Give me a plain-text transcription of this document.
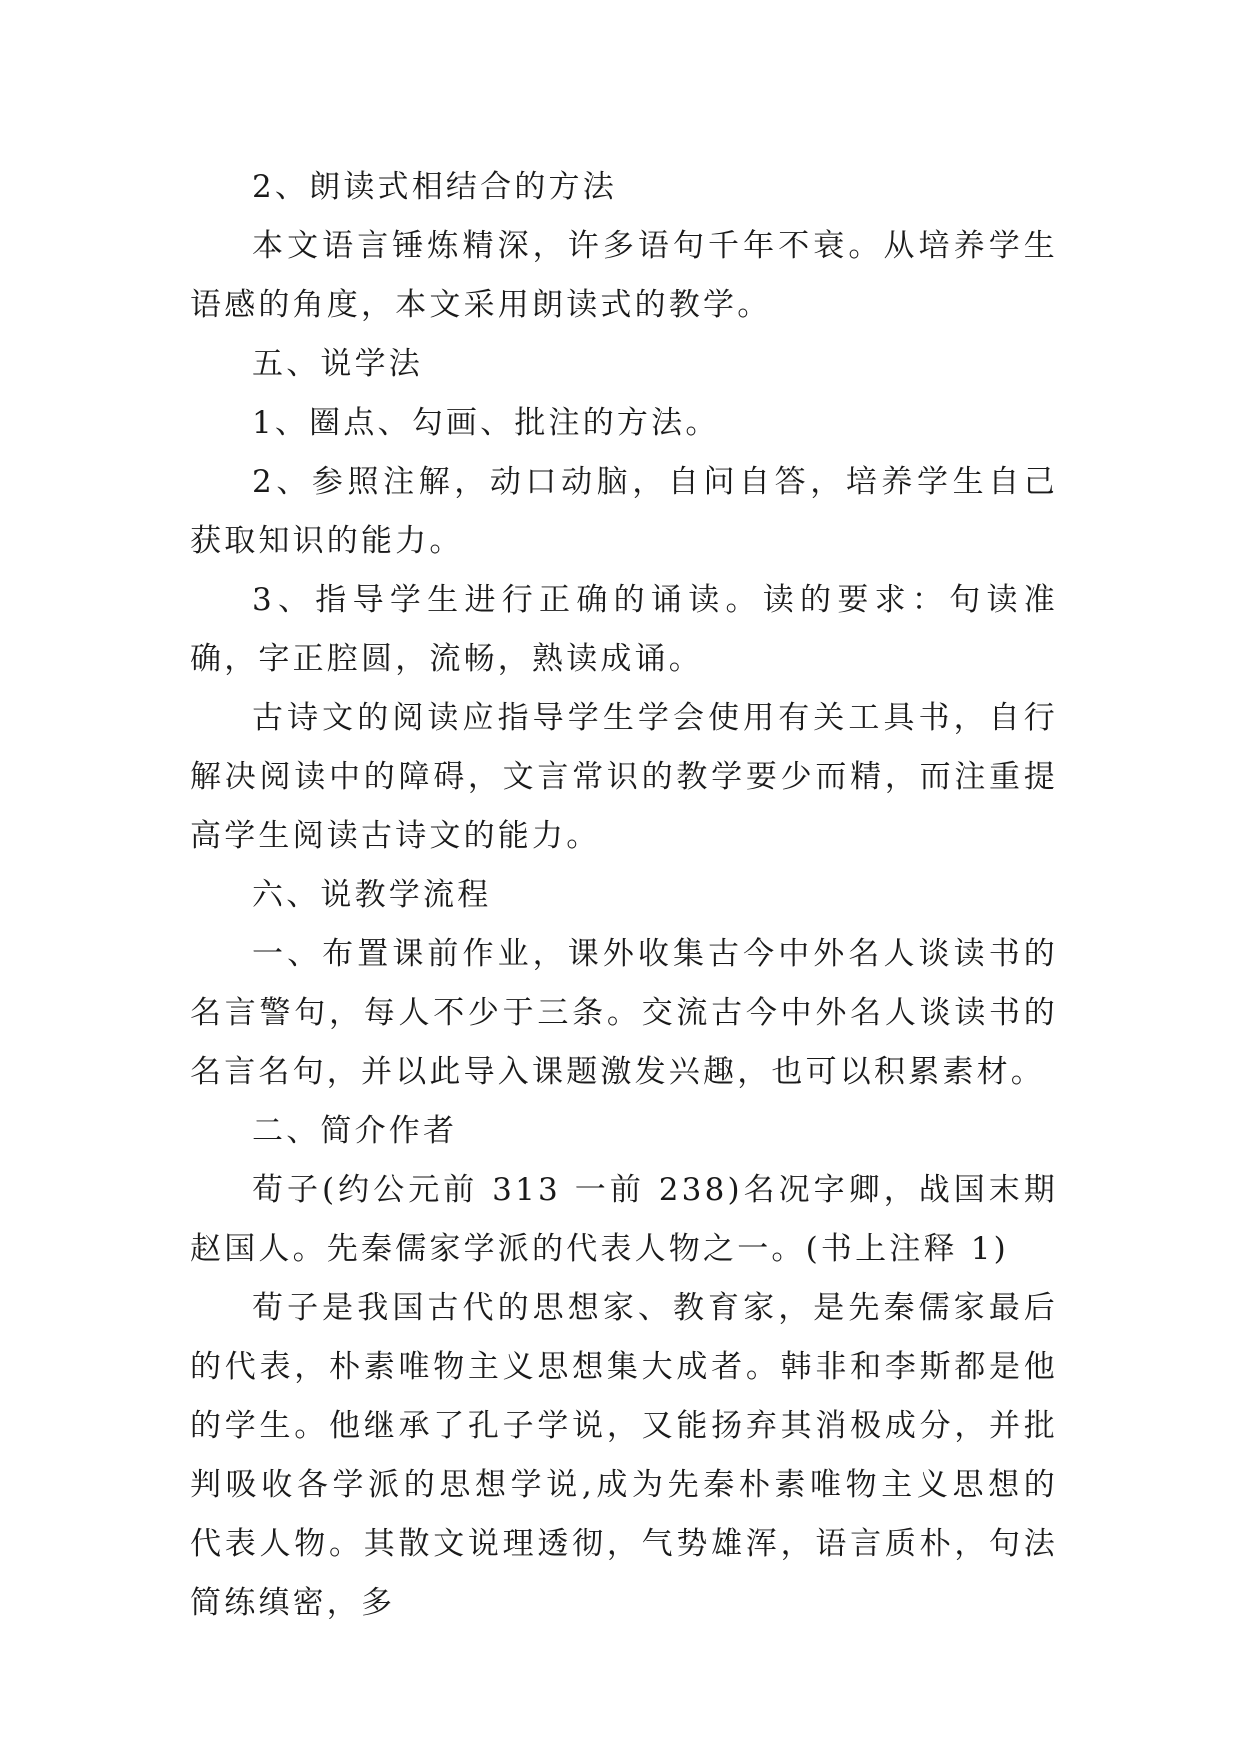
2、朗读式相结合的方法

本文语言锤炼精深，许多语句千年不衰。从培养学生语感的角度，本文采用朗读式的教学。

五、说学法

1、圈点、勾画、批注的方法。

2、参照注解，动口动脑，自问自答，培养学生自己获取知识的能力。

3、指导学生进行正确的诵读。读的要求：句读准确，字正腔圆，流畅，熟读成诵。

古诗文的阅读应指导学生学会使用有关工具书，自行解决阅读中的障碍，文言常识的教学要少而精，而注重提高学生阅读古诗文的能力。

六、说教学流程

一、布置课前作业，课外收集古今中外名人谈读书的名言警句，每人不少于三条。交流古今中外名人谈读书的名言名句，并以此导入课题激发兴趣，也可以积累素材。

二、简介作者

荀子(约公元前 313 一前 238)名况字卿，战国末期赵国人。先秦儒家学派的代表人物之一。(书上注释 1)

荀子是我国古代的思想家、教育家，是先秦儒家最后的代表，朴素唯物主义思想集大成者。韩非和李斯都是他的学生。他继承了孔子学说，又能扬弃其消极成分，并批判吸收各学派的思想学说,成为先秦朴素唯物主义思想的代表人物。其散文说理透彻，气势雄浑，语言质朴，句法简练缜密，多
